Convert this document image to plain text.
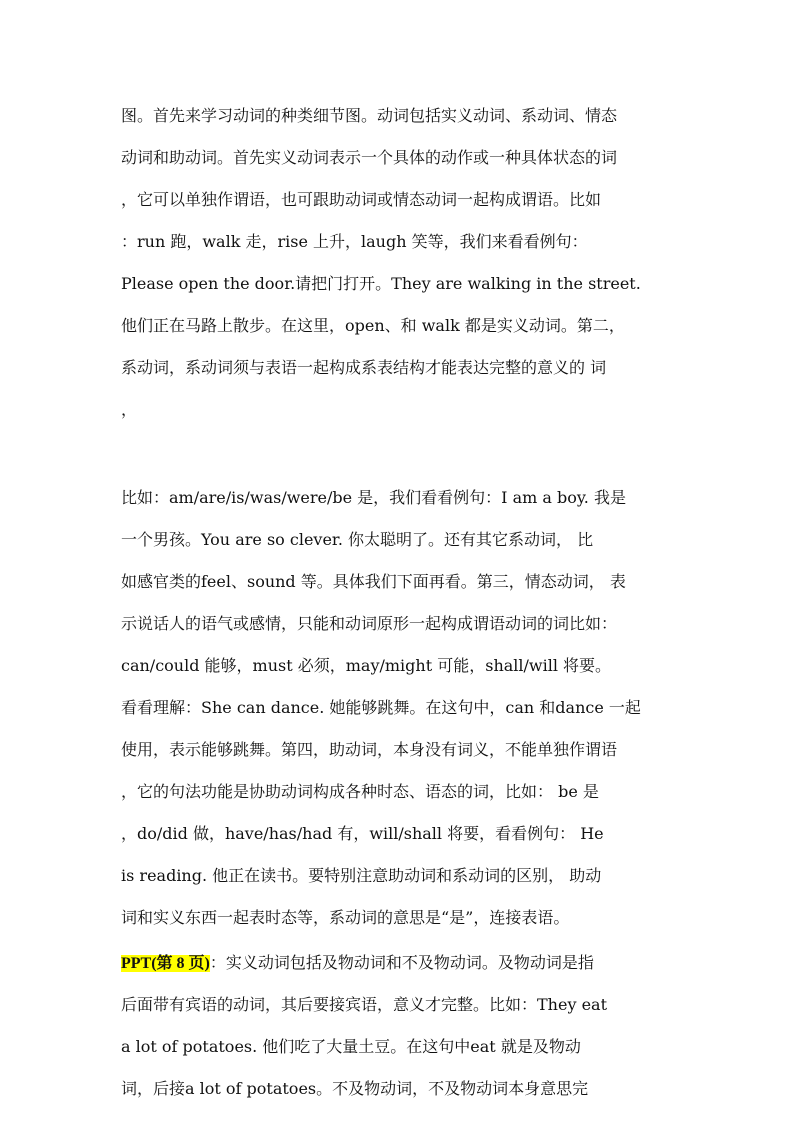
图。首先来学习动词的种类细节图。动词包括实义动词、系动词、情态
动词和助动词。首先实义动词表示一个具体的动作或一种具体状态的词
，它可以单独作谓语，也可跟助动词或情态动词一起构成谓语。比如
：run 跑，walk 走，rise 上升，laugh 笑等，我们来看看例句：
Please open the door.请把门打开。They are walking in the street.
他们正在马路上散步。在这里，open、和 walk 都是实义动词。第二，
系动词，系动词须与表语一起构成系表结构才能表达完整的意义的 词
，
比如：am/are/is/was/were/be 是，我们看看例句：I am a boy. 我是
一个男孩。You are so clever. 你太聪明了。还有其它系动词， 比
如感官类的feel、sound 等。具体我们下面再看。第三，情态动词， 表
示说话人的语气或感情，只能和动词原形一起构成谓语动词的词比如：
can/could 能够，must 必须，may/might 可能，shall/will 将要。
看看理解：She can dance. 她能够跳舞。在这句中，can 和dance 一起
使用，表示能够跳舞。第四，助动词，本身没有词义，不能单独作谓语
，它的句法功能是协助动词构成各种时态、语态的词，比如： be 是
，do/did 做，have/has/had 有，will/shall 将要，看看例句： He
is reading. 他正在读书。要特别注意助动词和系动词的区别， 助动
词和实义东西一起表时态等，系动词的意思是“是”，连接表语。
PPT(第 8 页)：实义动词包括及物动词和不及物动词。及物动词是指
后面带有宾语的动词，其后要接宾语，意义才完整。比如：They eat
a lot of potatoes. 他们吃了大量土豆。在这句中eat 就是及物动
词，后接a lot of potatoes。不及物动词，不及物动词本身意思完
